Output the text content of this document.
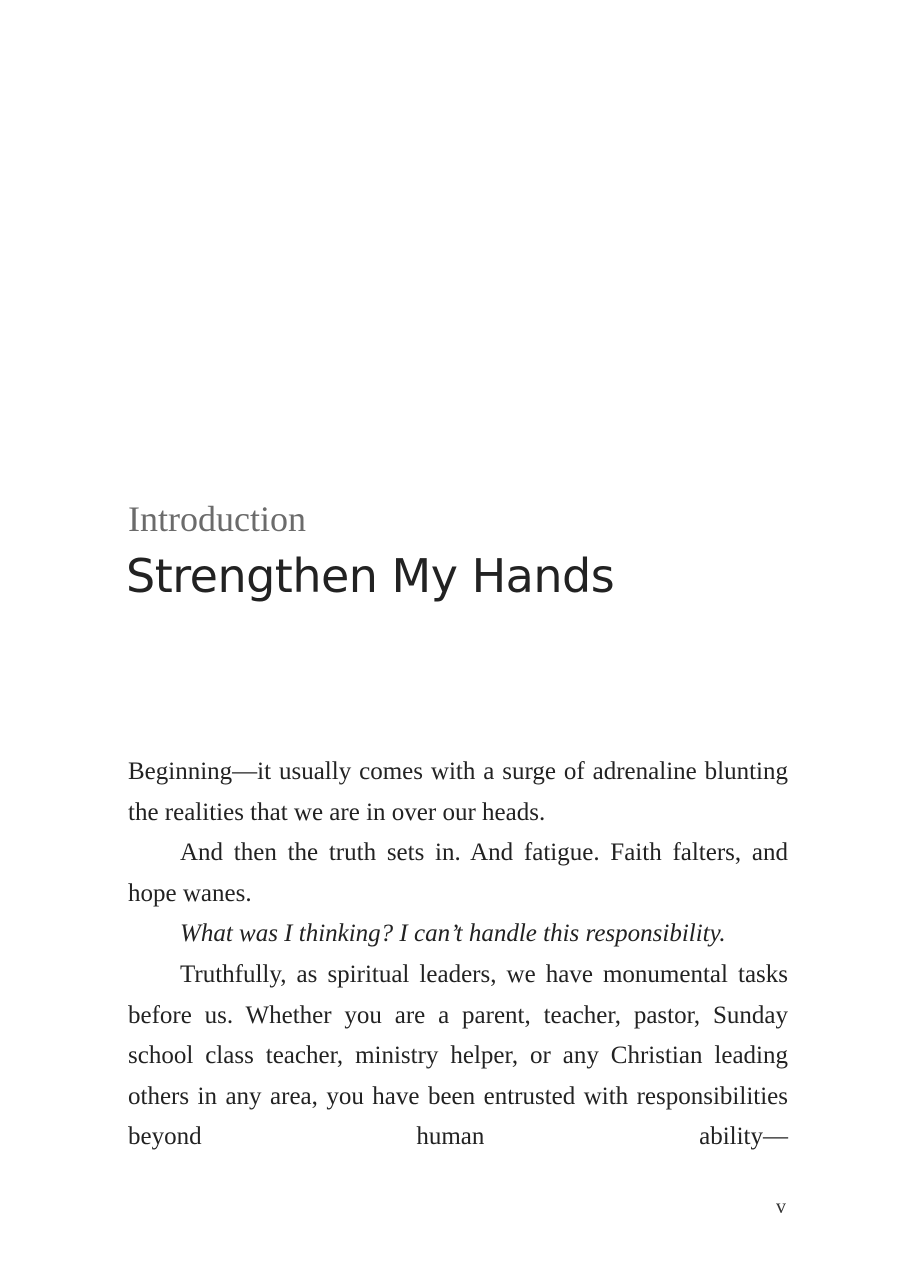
Introduction
Strengthen My Hands

Beginning—it usually comes with a surge of adrenaline blunting the realities that we are in over our heads.

And then the truth sets in. And fatigue. Faith falters, and hope wanes.

What was I thinking? I can’t handle this responsibility.

Truthfully, as spiritual leaders, we have monumental tasks before us. Whether you are a parent, teacher, pastor, Sunday school class teacher, ministry helper, or any Christian leading others in any area, you have been entrusted with responsibilities beyond human ability—

v
